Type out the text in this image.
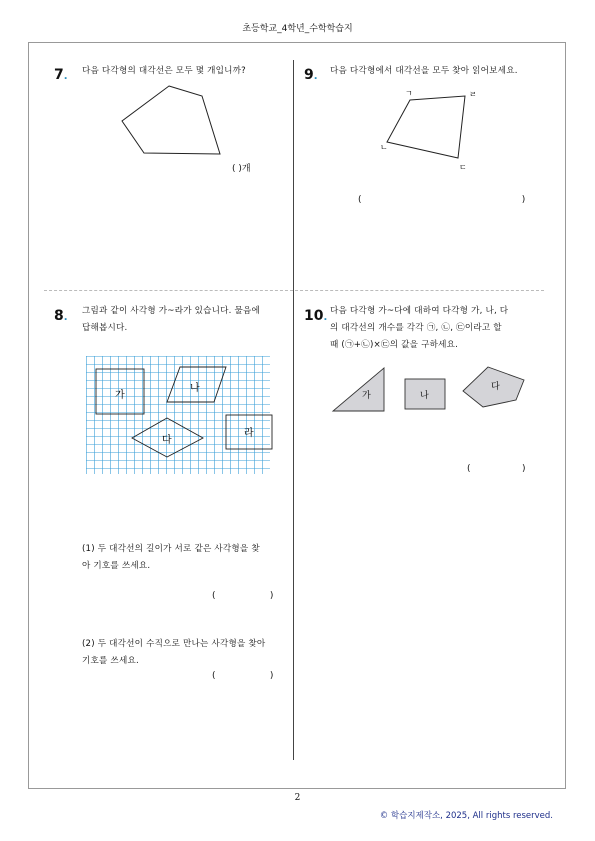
초등학교_4학년_수학학습지
7. 다음 다각형의 대각선은 모두 몇 개입니까?
( )개
9. 다음 다각형에서 대각선을 모두 찾아 읽어보세요.
ㄱ	ㄹ
ㄴ
ㄷ
(                                                        )
8.
그림과 같이 사각형 가~라가 있습니다. 물음에
답해봅시다.
가
나
다
라
(1) 두 대각선의 길이가 서로 같은 사각형을 찾
아 기호를 쓰세요.
(                   )
(2) 두 대각선이 수직으로 만나는 사각형을 찾아
기호를 쓰세요.
(                   )
10.
다음 다각형 가~다에 대하여 다각형 가, 나, 다
의 대각선의 개수를 각각 ㉠, ㉡, ㉢이라고 할
때 (㉠+㉡)×㉢의 값을 구하세요.
가	나
다
(                  )
2
© 학습지제작소, 2025, All rights reserved.
